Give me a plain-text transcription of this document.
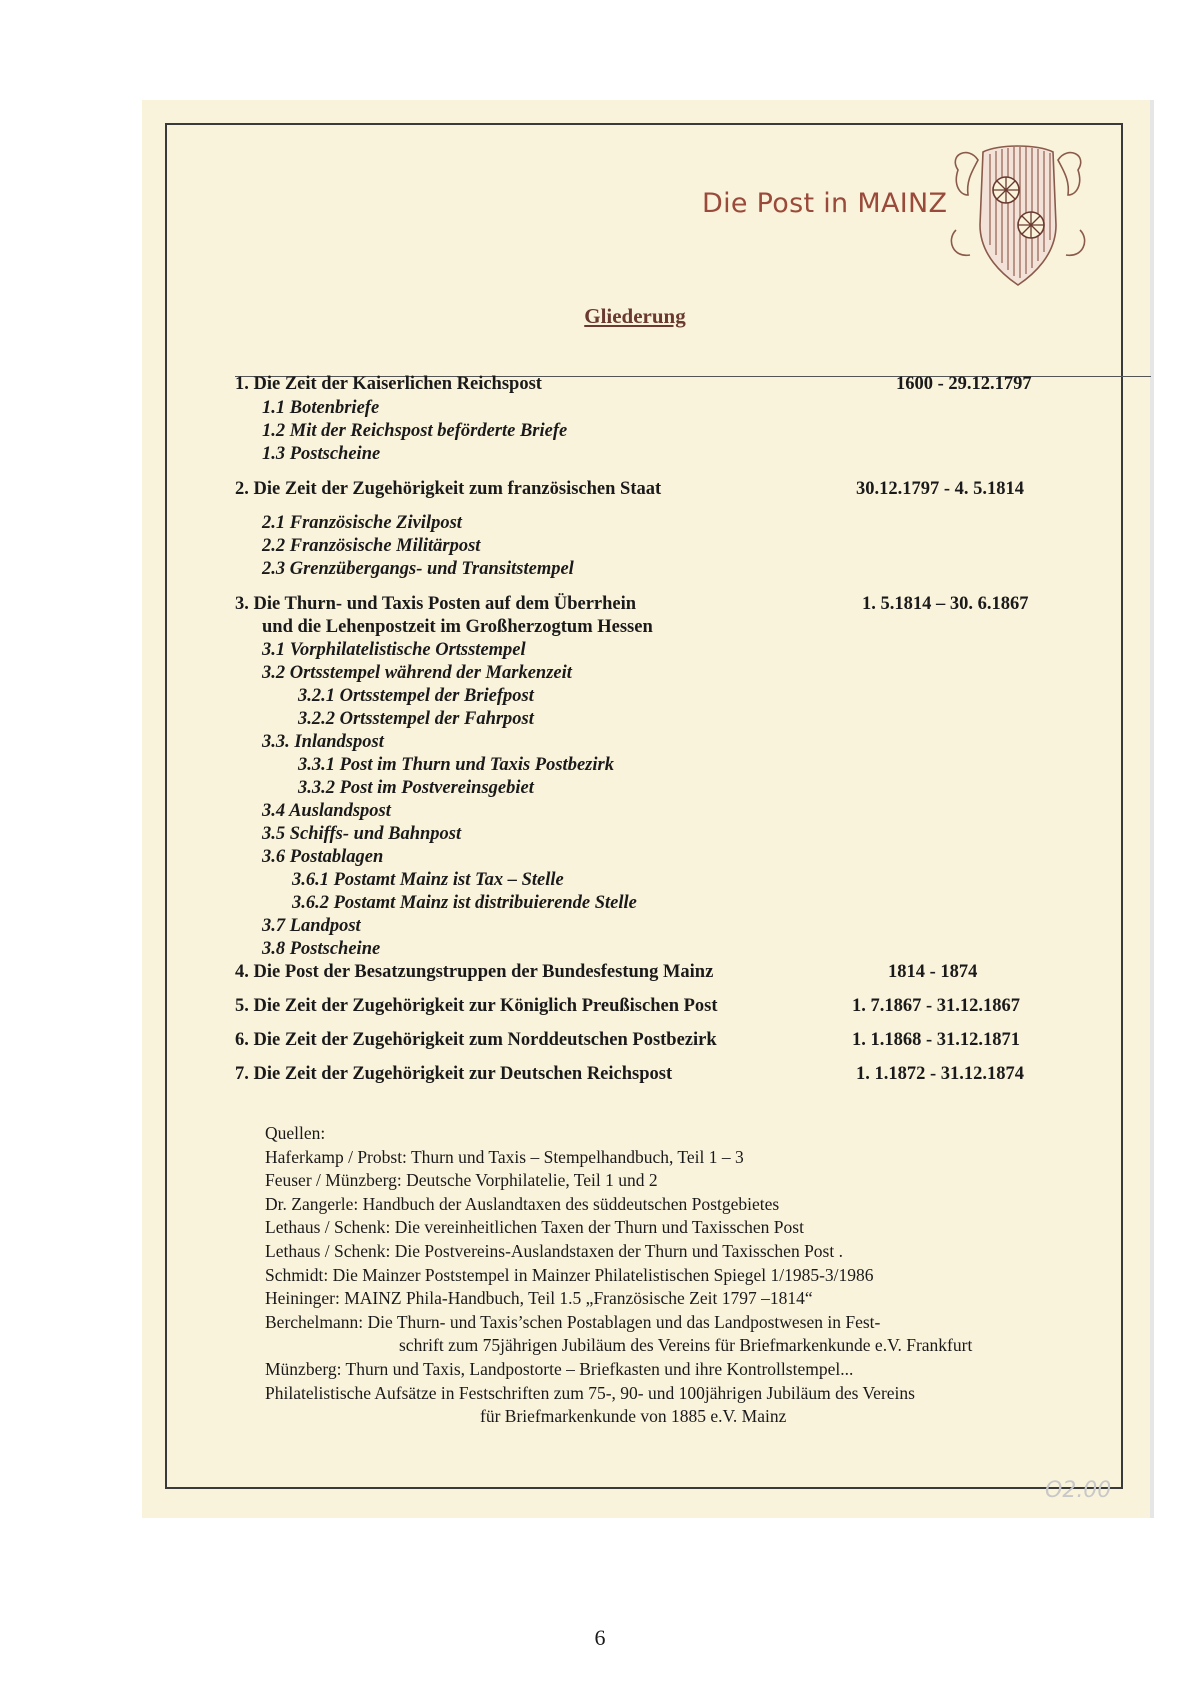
Die Post in MAINZ
Gliederung
1. Die Zeit der Kaiserlichen Reichspost	1600 - 29.12.1797
1.1 Botenbriefe
1.2 Mit der Reichspost beförderte Briefe
1.3 Postscheine
2. Die Zeit der Zugehörigkeit zum französischen Staat	30.12.1797 - 4. 5.1814
2.1 Französische Zivilpost
2.2 Französische Militärpost
2.3 Grenzübergangs- und Transitstempel
3. Die Thurn- und Taxis Posten auf dem Überrhein	1. 5.1814 – 30. 6.1867
und die Lehenpostzeit im Großherzogtum Hessen
3.1 Vorphilatelistische Ortsstempel
3.2 Ortsstempel während der Markenzeit
3.2.1 Ortsstempel der Briefpost
3.2.2 Ortsstempel der Fahrpost
3.3. Inlandspost
3.3.1 Post im Thurn und Taxis Postbezirk
3.3.2 Post im Postvereinsgebiet
3.4 Auslandspost
3.5 Schiffs- und Bahnpost
3.6 Postablagen
3.6.1 Postamt Mainz ist Tax – Stelle
3.6.2 Postamt Mainz ist distribuierende Stelle
3.7 Landpost
3.8 Postscheine
4. Die Post der Besatzungstruppen der Bundesfestung Mainz	1814 - 1874
5. Die Zeit der Zugehörigkeit zur Königlich Preußischen Post	1. 7.1867 - 31.12.1867
6. Die Zeit der Zugehörigkeit zum Norddeutschen Postbezirk	1. 1.1868 - 31.12.1871
7. Die Zeit der Zugehörigkeit zur Deutschen Reichspost	1. 1.1872 - 31.12.1874
Quellen:
Haferkamp / Probst: Thurn und Taxis – Stempelhandbuch, Teil 1 – 3
Feuser / Münzberg: Deutsche Vorphilatelie, Teil 1 und 2
Dr. Zangerle: Handbuch der Auslandtaxen des süddeutschen Postgebietes
Lethaus / Schenk: Die vereinheitlichen Taxen der Thurn und Taxisschen Post
Lethaus / Schenk: Die Postvereins-Auslandstaxen der Thurn und Taxisschen Post .
Schmidt: Die Mainzer Poststempel in Mainzer Philatelistischen Spiegel 1/1985-3/1986
Heininger: MAINZ Phila-Handbuch, Teil 1.5 „Französische Zeit 1797 –1814“
Berchelmann: Die Thurn- und Taxis’schen Postablagen und das Landpostwesen in Fest-
schrift zum 75jährigen Jubiläum des Vereins für Briefmarkenkunde e.V. Frankfurt
Münzberg: Thurn und Taxis, Landpostorte – Briefkasten und ihre Kontrollstempel...
Philatelistische Aufsätze in Festschriften zum 75-, 90- und 100jährigen Jubiläum des Vereins
für Briefmarkenkunde von 1885 e.V. Mainz
O2.00
6
